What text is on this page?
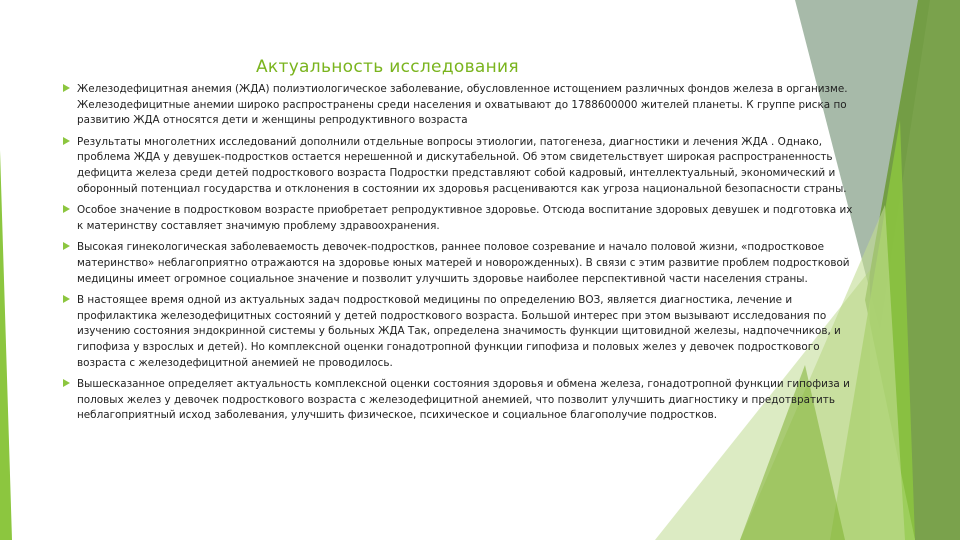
Актуальность исследования
Железодефицитная анемия (ЖДА) полиэтиологическое заболевание, обусловленное истощением различных фондов железа в организме. Железодефицитные анемии широко распространены среди населения и охватывают до 1788600000 жителей планеты. К группе риска по развитию ЖДА относятся дети и женщины репродуктивного возраста
Результаты многолетних исследований дополнили отдельные вопросы этиологии, патогенеза, диагностики и лечения ЖДА . Однако, проблема ЖДА у девушек-подростков остается нерешенной и дискутабельной. Об этом свидетельствует широкая распространенность дефицита железа среди детей подросткового возраста Подростки представляют собой кадровый, интеллектуальный, экономический и оборонный потенциал государства и отклонения в состоянии их здоровья расцениваются как угроза национальной безопасности страны.
Особое значение в подростковом возрасте приобретает репродуктивное здоровье. Отсюда воспитание здоровых девушек и подготовка их к материнству составляет значимую проблему здравоохранения.
Высокая гинекологическая заболеваемость девочек-подростков, раннее половое созревание и начало половой жизни, «подростковое материнство» неблагоприятно отражаются на здоровье юных матерей и новорожденных). В связи с этим развитие проблем подростковой медицины имеет огромное социальное значение и позволит улучшить здоровье наиболее перспективной части населения страны.
В настоящее время одной из актуальных задач подростковой медицины по определению ВОЗ, является диагностика, лечение и профилактика железодефицитных состояний у детей подросткового возраста. Большой интерес при этом вызывают исследования по изучению состояния эндокринной системы у больных ЖДА Так, определена значимость функции щитовидной железы, надпочечников, и гипофиза у взрослых и детей). Но комплексной оценки гонадотропной функции гипофиза и половых желез у девочек подросткового возраста с железодефицитной анемией не проводилось.
Вышесказанное определяет актуальность комплексной оценки состояния здоровья и обмена железа, гонадотропной функции гипофиза и половых желез у девочек подросткового возраста с железодефицитной анемией, что позволит улучшить диагностику и предотвратить неблагоприятный исход заболевания, улучшить физическое, психическое и социальное благополучие подростков.
